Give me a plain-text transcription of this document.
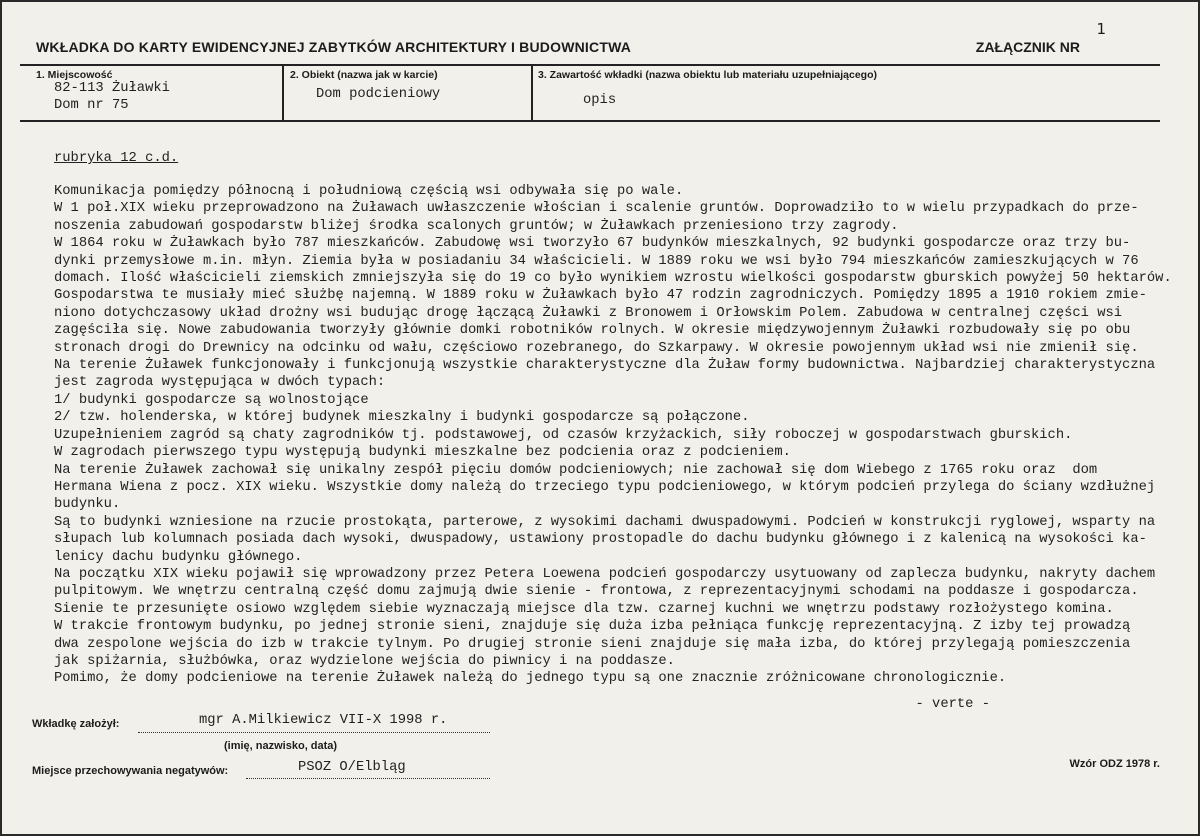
1
WKŁADKA DO KARTY EWIDENCYJNEJ ZABYTKÓW ARCHITEKTURY I BUDOWNICTWA	ZAŁĄCZNIK NR
1. Miejscowość
82-113 Żuławki
Dom nr 75
2. Obiekt (nazwa jak w karcie)
Dom podcieniowy
3. Zawartość wkładki (nazwa obiektu lub materiału uzupełniającego)
opis
rubryka 12 c.d.
Komunikacja pomiędzy północną i południową częścią wsi odbywała się po wale.
W 1 poł.XIX wieku przeprowadzono na Żuławach uwłaszczenie włościan i scalenie gruntów. Doprowadziło to w wielu przypadkach do prze-
noszenia zabudowań gospodarstw bliżej środka scalonych gruntów; w Żuławkach przeniesiono trzy zagrody.
W 1864 roku w Żuławkach było 787 mieszkańców. Zabudowę wsi tworzyło 67 budynków mieszkalnych, 92 budynki gospodarcze oraz trzy bu-
dynki przemysłowe m.in. młyn. Ziemia była w posiadaniu 34 właścicieli. W 1889 roku we wsi było 794 mieszkańców zamieszkujących w 76
domach. Ilość właścicieli ziemskich zmniejszyła się do 19 co było wynikiem wzrostu wielkości gospodarstw gburskich powyżej 50 hektarów.
Gospodarstwa te musiały mieć służbę najemną. W 1889 roku w Żuławkach było 47 rodzin zagrodniczych. Pomiędzy 1895 a 1910 rokiem zmie-
niono dotychczasowy układ drożny wsi budując drogę łączącą Żuławki z Bronowem i Orłowskim Polem. Zabudowa w centralnej części wsi
zagęściła się. Nowe zabudowania tworzyły głównie domki robotników rolnych. W okresie międzywojennym Żuławki rozbudowały się po obu
stronach drogi do Drewnicy na odcinku od wału, częściowo rozebranego, do Szkarpawy. W okresie powojennym układ wsi nie zmienił się.
Na terenie Żuławek funkcjonowały i funkcjonują wszystkie charakterystyczne dla Żuław formy budownictwa. Najbardziej charakterystyczna
jest zagroda występująca w dwóch typach:
1/ budynki gospodarcze są wolnostojące
2/ tzw. holenderska, w której budynek mieszkalny i budynki gospodarcze są połączone.
Uzupełnieniem zagród są chaty zagrodników tj. podstawowej, od czasów krzyżackich, siły roboczej w gospodarstwach gburskich.
W zagrodach pierwszego typu występują budynki mieszkalne bez podcienia oraz z podcieniem.
Na terenie Żuławek zachował się unikalny zespół pięciu domów podcieniowych; nie zachował się dom Wiebego z 1765 roku oraz  dom
Hermana Wiena z pocz. XIX wieku. Wszystkie domy należą do trzeciego typu podcieniowego, w którym podcień przylega do ściany wzdłużnej
budynku.
Są to budynki wzniesione na rzucie prostokąta, parterowe, z wysokimi dachami dwuspadowymi. Podcień w konstrukcji ryglowej, wsparty na
słupach lub kolumnach posiada dach wysoki, dwuspadowy, ustawiony prostopadle do dachu budynku głównego i z kalenicą na wysokości ka-
lenicy dachu budynku głównego.
Na początku XIX wieku pojawił się wprowadzony przez Petera Loewena podcień gospodarczy usytuowany od zaplecza budynku, nakryty dachem
pulpitowym. We wnętrzu centralną część domu zajmują dwie sienie - frontowa, z reprezentacyjnymi schodami na poddasze i gospodarcza.
Sienie te przesunięte osiowo względem siebie wyznaczają miejsce dla tzw. czarnej kuchni we wnętrzu podstawy rozłożystego komina.
W trakcie frontowym budynku, po jednej stronie sieni, znajduje się duża izba pełniąca funkcję reprezentacyjną. Z izby tej prowadzą
dwa zespolone wejścia do izb w trakcie tylnym. Po drugiej stronie sieni znajduje się mała izba, do której przylegają pomieszczenia
jak spiżarnia, służbówka, oraz wydzielone wejścia do piwnicy i na poddasze.
Pomimo, że domy podcieniowe na terenie Żuławek należą do jednego typu są one znacznie zróżnicowane chronologicznie.
- verte -
Wkładkę założył:	mgr A.Milkiewicz VII-X 1998 r.
(imię, nazwisko, data)
Miejsce przechowywania negatywów:	PSOZ O/Elbląg	Wzór ODZ 1978 r.
